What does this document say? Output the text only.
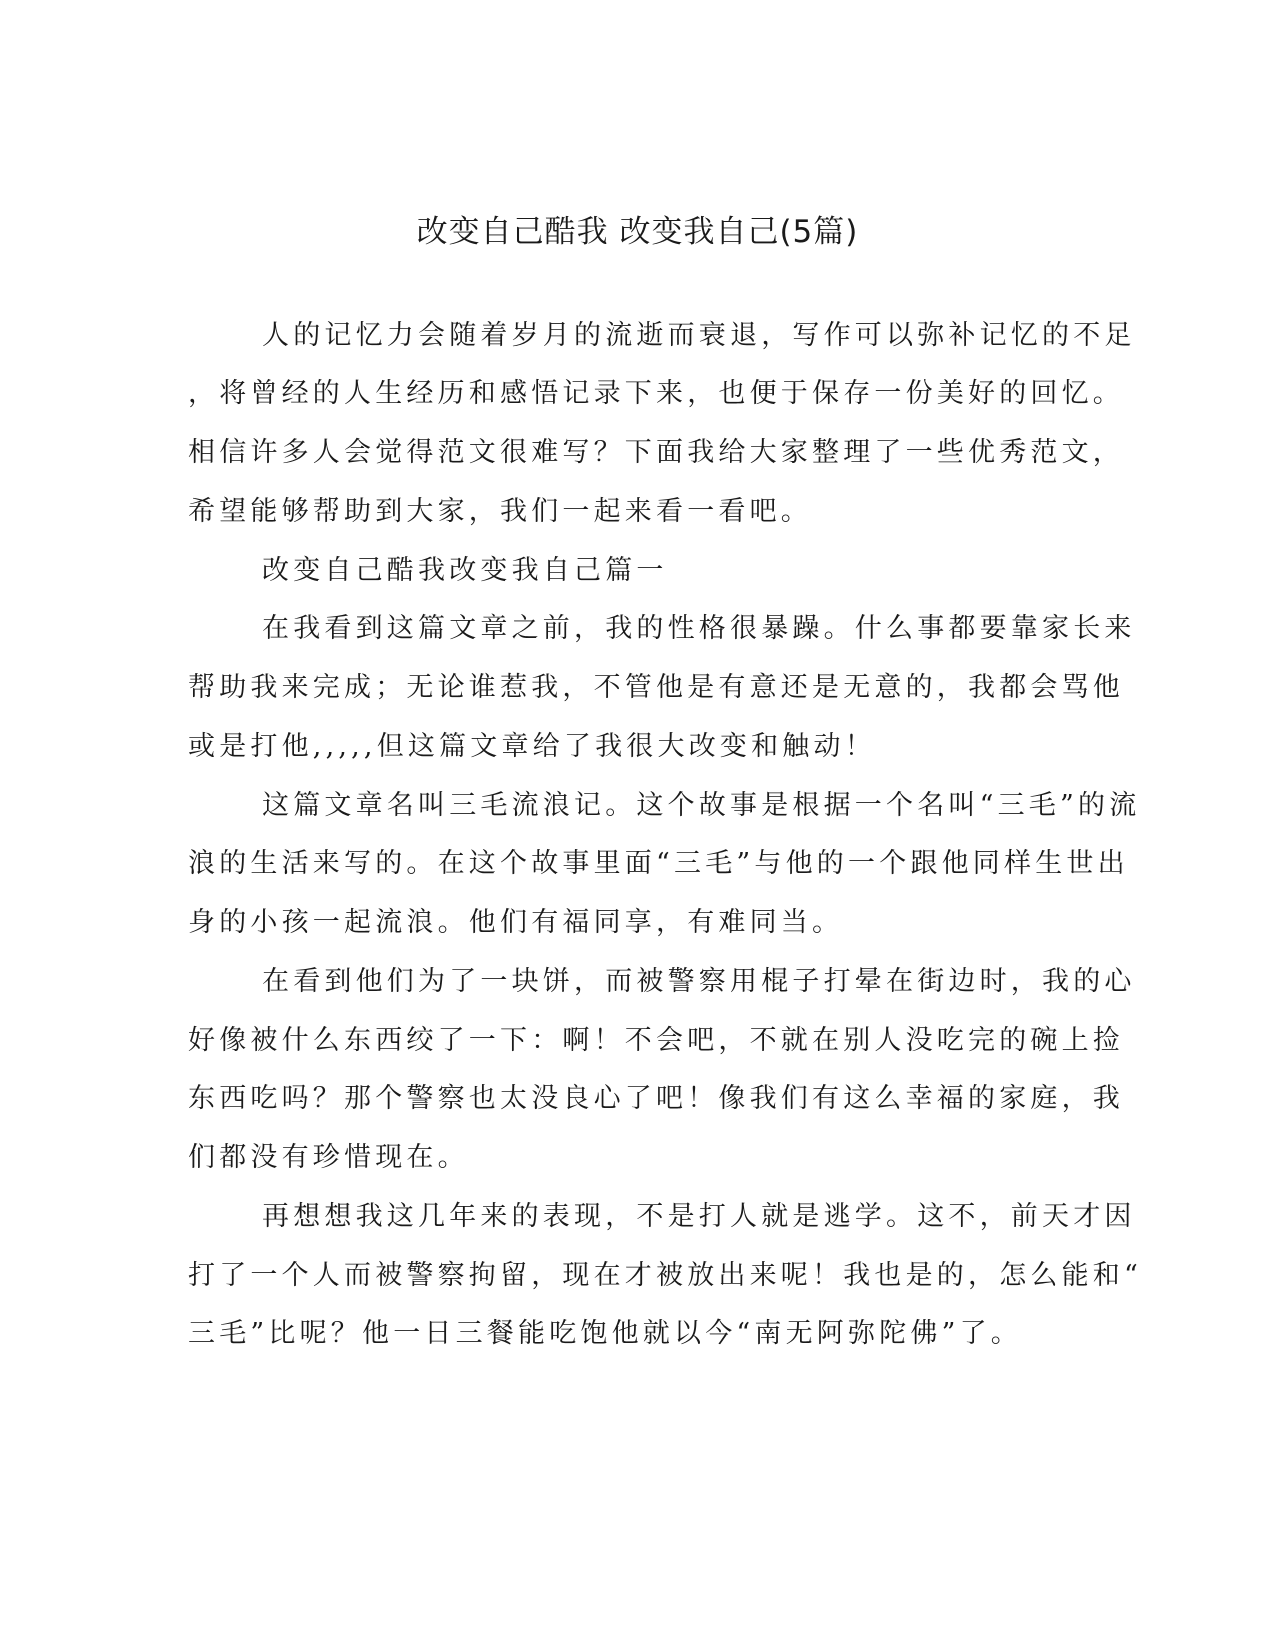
改变自己酷我 改变我自己(5篇)
人的记忆力会随着岁月的流逝而衰退，写作可以弥补记忆的不足
，将曾经的人生经历和感悟记录下来，也便于保存一份美好的回忆。
相信许多人会觉得范文很难写？下面我给大家整理了一些优秀范文，
希望能够帮助到大家，我们一起来看一看吧。
改变自己酷我改变我自己篇一
在我看到这篇文章之前，我的性格很暴躁。什么事都要靠家长来
帮助我来完成；无论谁惹我，不管他是有意还是无意的，我都会骂他
或是打他,,,,,但这篇文章给了我很大改变和触动！
这篇文章名叫三毛流浪记。这个故事是根据一个名叫“三毛”的流
浪的生活来写的。在这个故事里面“三毛”与他的一个跟他同样生世出
身的小孩一起流浪。他们有福同享，有难同当。
在看到他们为了一块饼，而被警察用棍子打晕在街边时，我的心
好像被什么东西绞了一下：啊！不会吧，不就在别人没吃完的碗上捡
东西吃吗？那个警察也太没良心了吧！像我们有这么幸福的家庭，我
们都没有珍惜现在。
再想想我这几年来的表现，不是打人就是逃学。这不，前天才因
打了一个人而被警察拘留，现在才被放出来呢！我也是的，怎么能和“
三毛”比呢？他一日三餐能吃饱他就以今“南无阿弥陀佛”了。
